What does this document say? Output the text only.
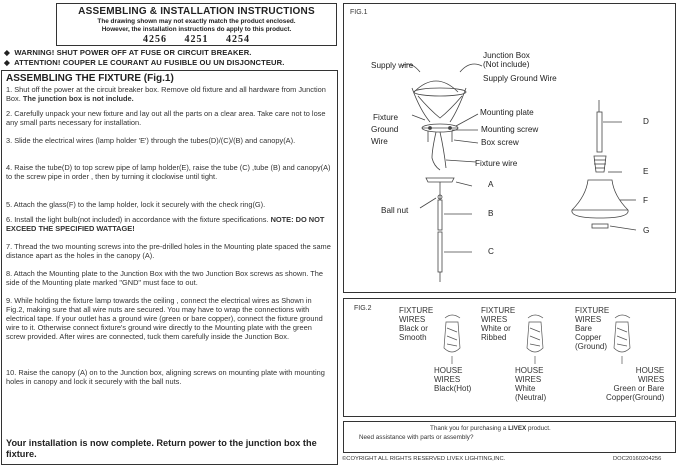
ASSEMBLING & INSTALLATION INSTRUCTIONS
The drawing shown may not exactly match the product enclosed.
However, the installation instructions do apply to this product.
4256 4251 4254
◆ WARNING! SHUT POWER OFF AT FUSE OR CIRCUIT BREAKER.
◆ ATTENTION! COUPER LE COURANT AU FUSIBLE OU UN DISJONCTEUR.
ASSEMBLING THE FIXTURE (Fig.1)
1. Shut off the power at the circuit breaker box. Remove old fixture and all hardware from Junction Box. The junction box is not include.
2. Carefully unpack your new fixture and lay out all the parts on a clear area. Take care not to lose any small parts necessary for installation.
3. Slide the electrical wires (lamp holder 'E') through the tubes(D)/(C)/(B) and canopy(A).
4. Raise the tube(D) to top screw pipe of lamp holder(E), raise the tube (C) ,tube (B) and canopy(A) to the screw pipe in order , then by turning it clockwise until tight.
5. Attach the glass(F) to the lamp holder, lock it securely with the check ring(G).
6. Install the light bulb(not included) in accordance with the fixture specifications. NOTE: DO NOT EXCEED THE SPECIFIED WATTAGE!
7. Thread the two mounting screws into the pre-drilled holes in the Mounting plate spaced the same distance apart as the holes in the canopy (A).
8. Attach the Mounting plate to the Junction Box with the two Junction Box screws as shown. The side of the Mounting plate marked "GND" must face to out.
9. While holding the fixture lamp towards the ceiling , connect the electrical wires as Shown in Fig.2, making sure that all wire nuts are secured. You may have to wrap the connections with electrical tape. If your outlet has a ground wire (green or bare copper), connect the fixture ground wire to it. Otherwise connect fixture's ground wire directly to the Mounting plate with the green screw provided. After wires are connected, tuck them carefully inside the Junction Box.
10. Raise the canopy (A) on to the Junction box, aligning screws on mounting plate with mounting holes in canopy and lock it securely with the ball nuts.
Your installation is now complete. Return power to the junction box the fixture.
FIG.1
Supply wire
Junction Box
(Not include)
Supply Ground Wire
Fixture
Ground
Wire
Mounting plate
Mounting screw
Box screw
Fixture wire
Ball nut
A
B
C
D
E
F
G
FIG.2	FIXTURE
WIRES
Black or
Smooth
HOUSE
WIRES
Black(Hot)
FIXTURE
WIRES
White or
Ribbed
HOUSE
WIRES
White
(Neutral)
FIXTURE
WIRES
Bare
Copper
(Ground)
HOUSE
WIRES
Green or Bare
Copper(Ground)
Thank you for purchasing a LIVEX product.
Need assistance with parts or assembly?
©COYRIGHT ALL RIGHTS RESERVED LIVEX LIGHTING,INC.	DOC20160204256
